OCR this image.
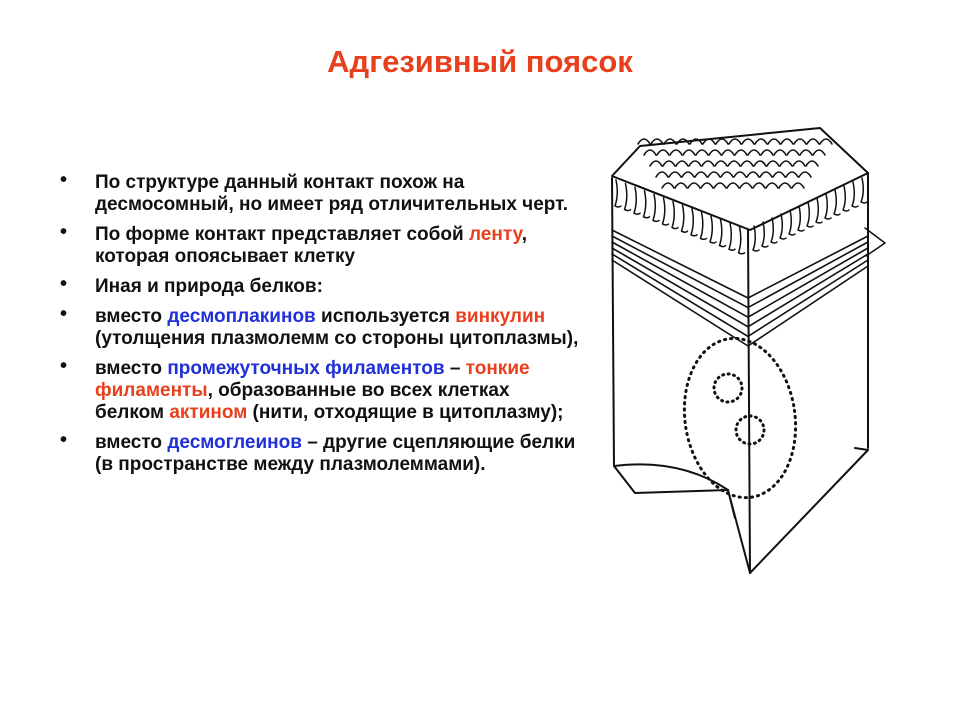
Адгезивный поясок
• По структуре данный контакт похож на десмосомный, но имеет ряд отличительных черт.
• По форме контакт представляет собой ленту, которая опоясывает клетку
• Иная и природа белков:
• вместо десмоплакинов используется винкулин (утолщения плазмолемм со стороны цитоплазмы),
• вместо промежуточных филаментов – тонкие филаменты, образованные во всех клетках белком актином (нити, отходящие в цитоплазму);
• вместо десмоглеинов – другие сцепляющие белки (в пространстве между плазмолеммами).
